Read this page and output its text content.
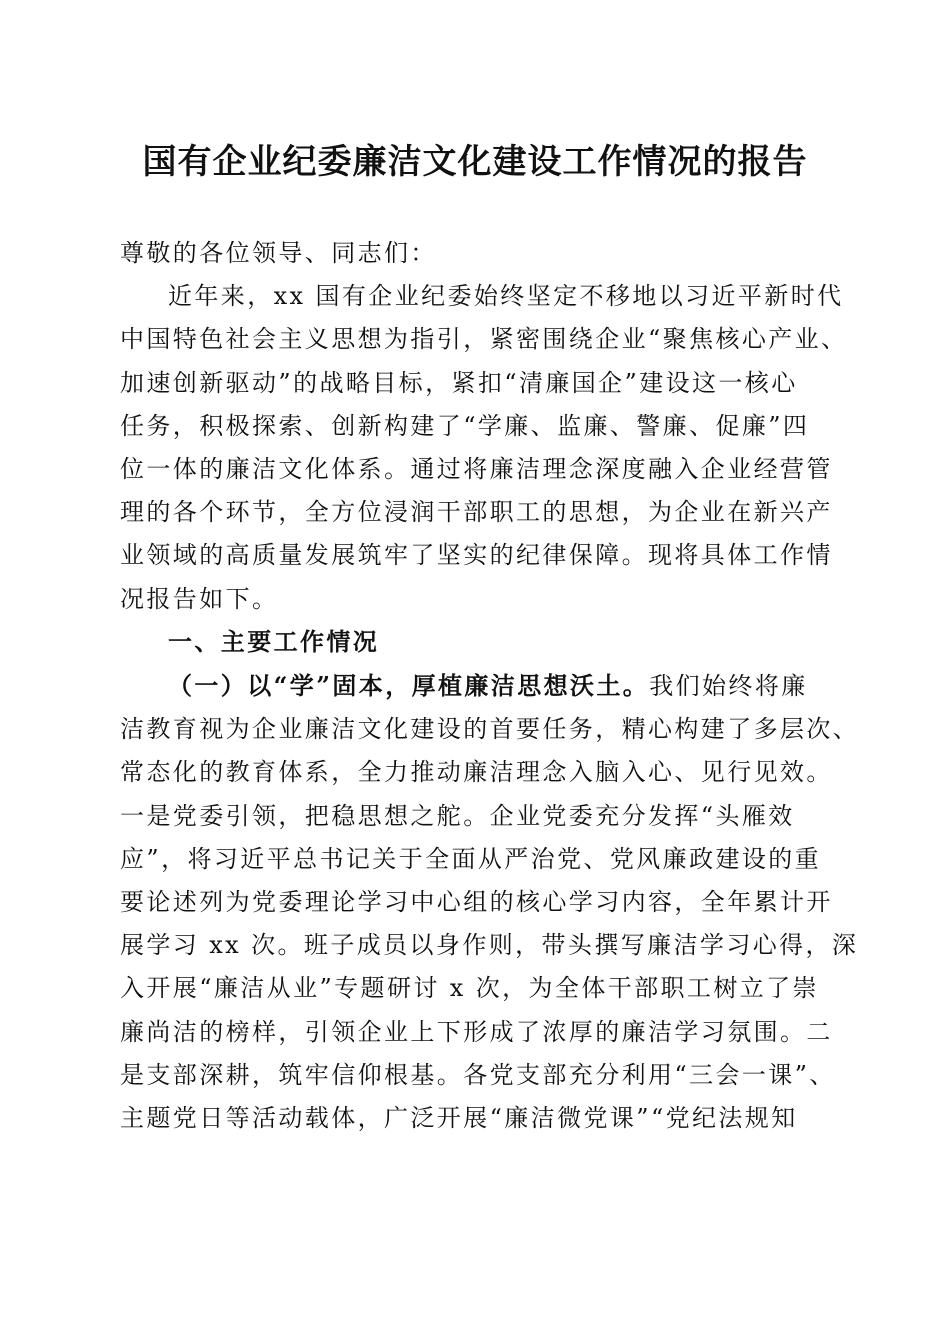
国有企业纪委廉洁文化建设工作情况的报告

尊敬的各位领导、同志们：

近年来，xx 国有企业纪委始终坚定不移地以习近平新时代
中国特色社会主义思想为指引，紧密围绕企业“聚焦核心产业、
加速创新驱动”的战略目标，紧扣“清廉国企”建设这一核心
任务，积极探索、创新构建了“学廉、监廉、警廉、促廉”四
位一体的廉洁文化体系。通过将廉洁理念深度融入企业经营管
理的各个环节，全方位浸润干部职工的思想，为企业在新兴产
业领域的高质量发展筑牢了坚实的纪律保障。现将具体工作情
况报告如下。

一、主要工作情况

（一）以“学”固本，厚植廉洁思想沃土。我们始终将廉
洁教育视为企业廉洁文化建设的首要任务，精心构建了多层次、
常态化的教育体系，全力推动廉洁理念入脑入心、见行见效。
一是党委引领，把稳思想之舵。企业党委充分发挥“头雁效
应”，将习近平总书记关于全面从严治党、党风廉政建设的重
要论述列为党委理论学习中心组的核心学习内容，全年累计开
展学习 xx 次。班子成员以身作则，带头撰写廉洁学习心得，深
入开展“廉洁从业”专题研讨 x 次，为全体干部职工树立了崇
廉尚洁的榜样，引领企业上下形成了浓厚的廉洁学习氛围。二
是支部深耕，筑牢信仰根基。各党支部充分利用“三会一课”、
主题党日等活动载体，广泛开展“廉洁微党课”“党纪法规知
